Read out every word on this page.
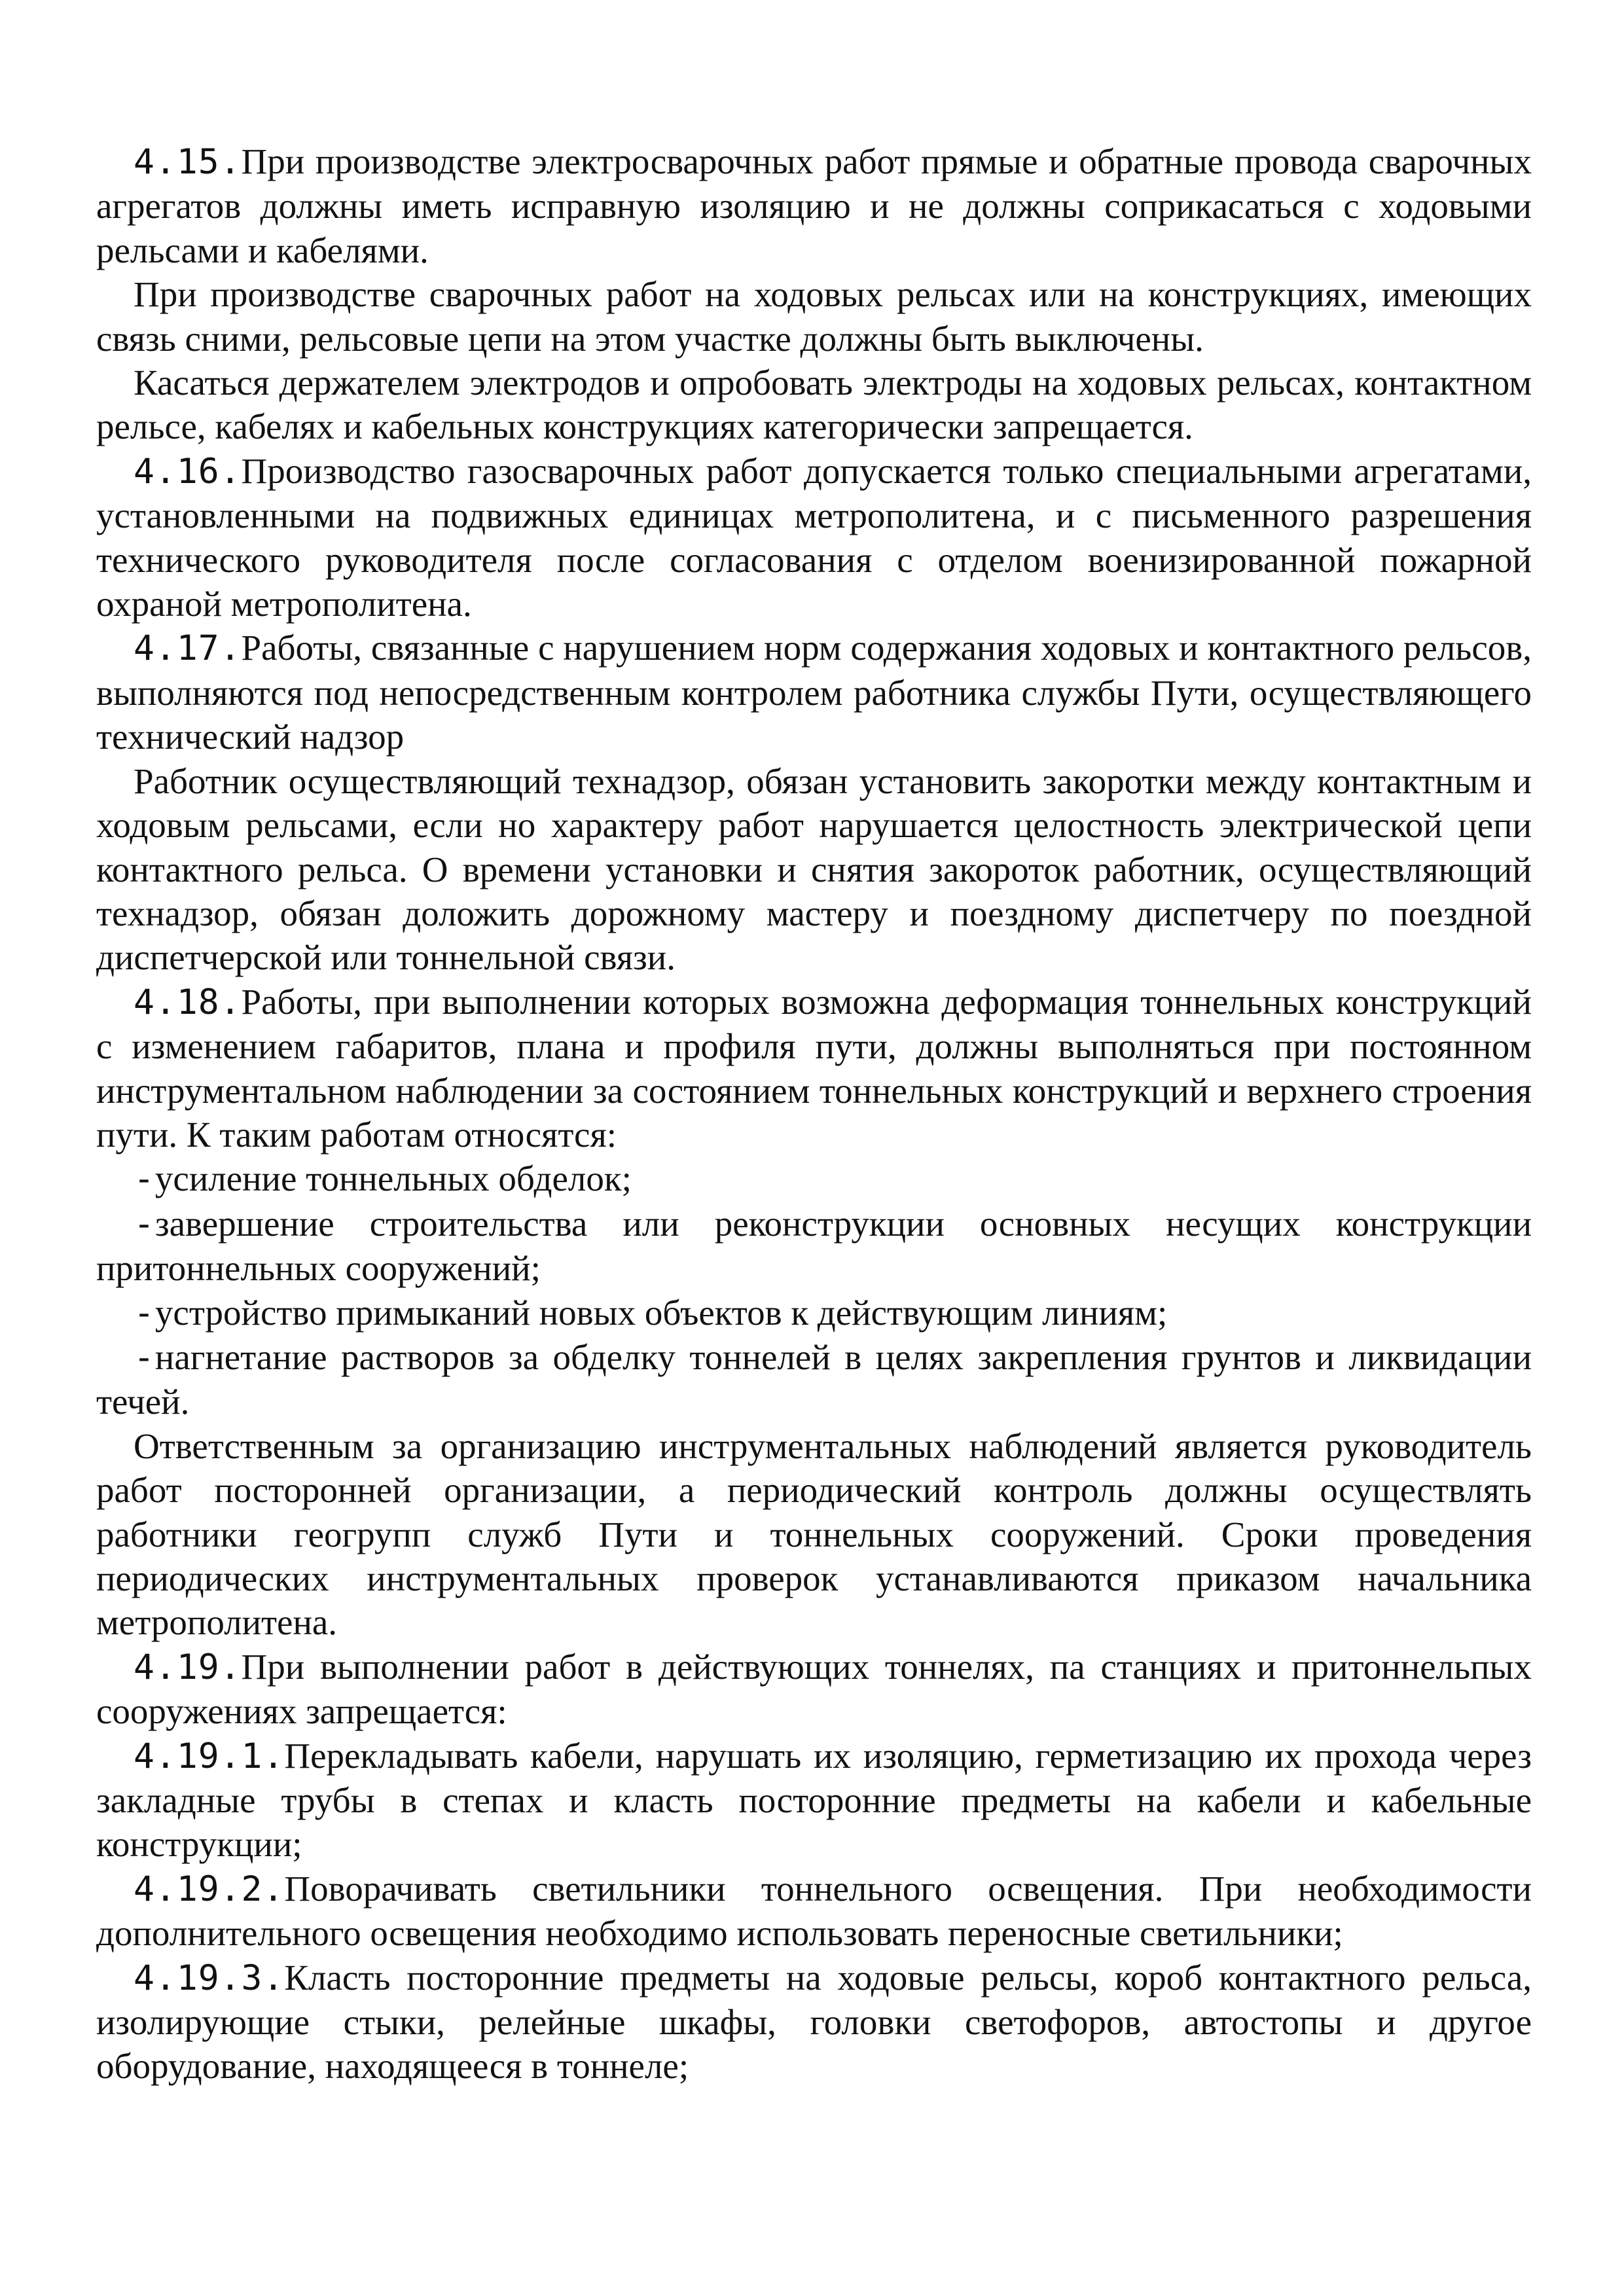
4.15.При производстве электросварочных работ прямые и обратные провода сварочных агрегатов должны иметь исправную изоляцию и не должны соприкасаться с ходовыми рельсами и кабелями.

При производстве сварочных работ на ходовых рельсах или на конструкциях, имеющих связь сними, рельсовые цепи на этом участке должны быть выключены.

Касаться держателем электродов и опробовать электроды на ходовых рельсах, контактном рельсе, кабелях и кабельных конструкциях категорически запрещается.

4.16.Производство газосварочных работ допускается только специальными агрегатами, установленными на подвижных единицах метрополитена, и с письменного разрешения технического руководителя после согласования с отделом военизированной пожарной охраной метрополитена.

4.17.Работы, связанные с нарушением норм содержания ходовых и контактного рельсов, выполняются под непосредственным контролем работника службы Пути, осуществляющего технический надзор

Работник осуществляющий технадзор, обязан установить закоротки между контактным и ходовым рельсами, если но характеру работ нарушается целостность электрической цепи контактного рельса. О времени установки и снятия закороток работник, осуществляющий технадзор, обязан доложить дорожному мастеру и поездному диспетчеру по поездной диспетчерской или тоннельной связи.

4.18.Работы, при выполнении которых возможна деформация тоннельных конструкций с изменением габаритов, плана и профиля пути, должны выполняться при постоянном инструментальном наблюдении за состоянием тоннельных конструкций и верхнего строения пути. К таким работам относятся:

-усиление тоннельных обделок;

-завершение строительства или реконструкции основных несущих конструкции притоннельных сооружений;

-устройство примыканий новых объектов к действующим линиям;

-нагнетание растворов за обделку тоннелей в целях закрепления грунтов и ликвидации течей.

Ответственным за организацию инструментальных наблюдений является руководитель работ посторонней организации, а периодический контроль должны осуществлять работники геогрупп служб Пути и тоннельных сооружений. Сроки проведения периодических инструментальных проверок устанавливаются приказом начальника метрополитена.

4.19.При выполнении работ в действующих тоннелях, па станциях и притоннельпых сооружениях запрещается:

4.19.1.Перекладывать кабели, нарушать их изоляцию, герметизацию их прохода через закладные трубы в степах и класть посторонние предметы на кабели и кабельные конструкции;

4.19.2.Поворачивать светильники тоннельного освещения. При необходимости дополнительного освещения необходимо использовать переносные светильники;

4.19.3.Класть посторонние предметы на ходовые рельсы, короб контактного рельса, изолирующие стыки, релейные шкафы, головки светофоров, автостопы и другое оборудование, находящееся в тоннеле;
